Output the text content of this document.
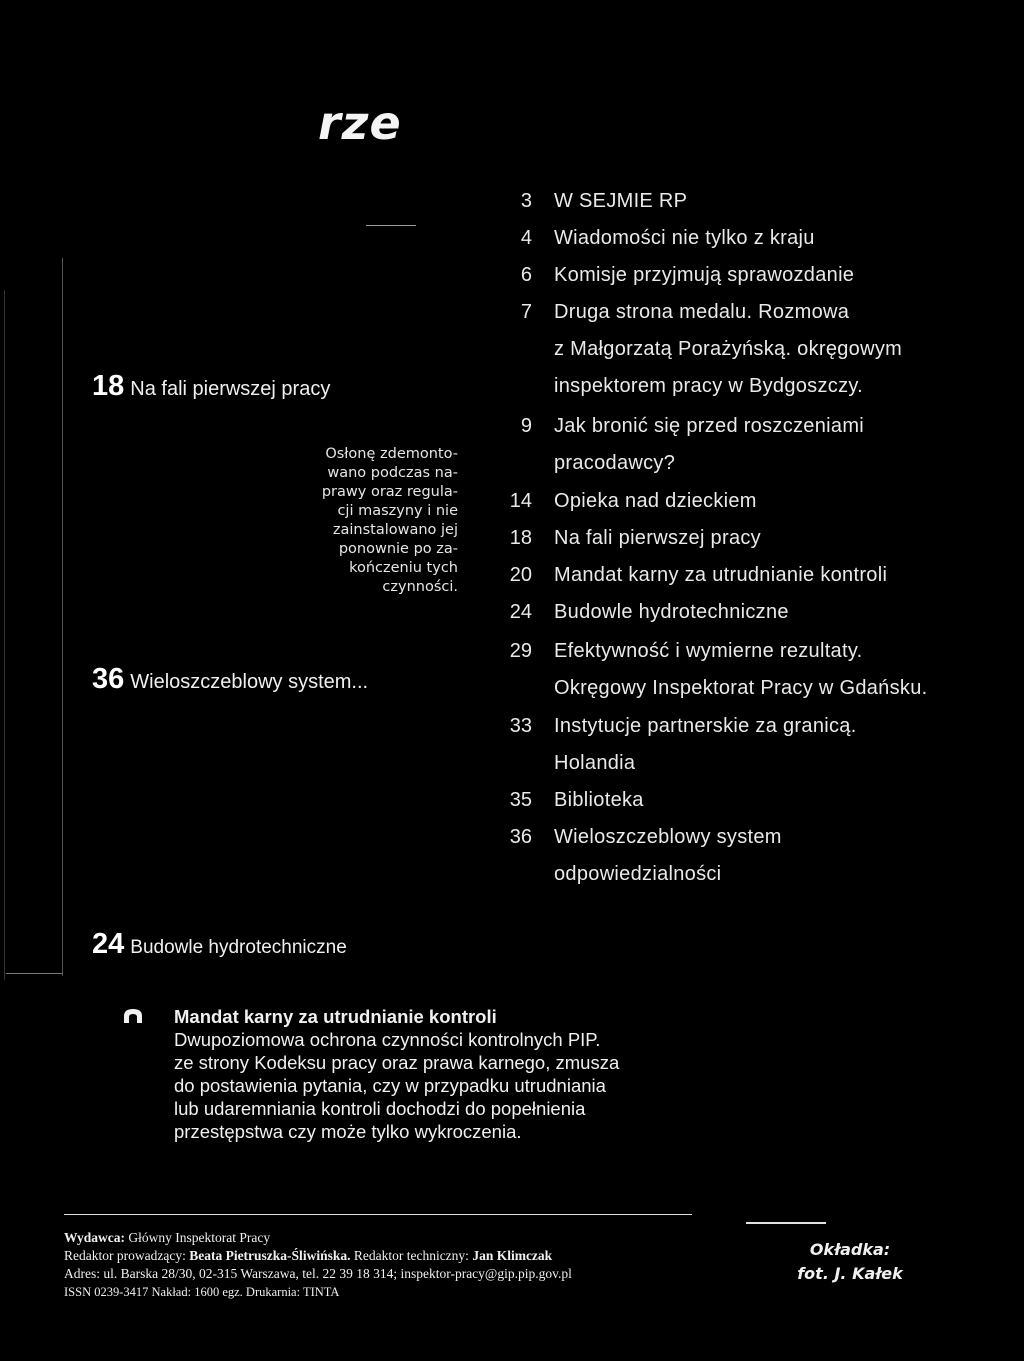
rze
18 Na fali pierwszej pracy
Osłonę zdemonto-
wano podczas na-
prawy oraz regula-
cji maszyny i nie
zainstalowano jej
ponownie po za-
kończeniu tych
czynności.
36 Wieloszczeblowy system...
24 Budowle hydrotechniczne
3 W SEJMIE RP
4 Wiadomości nie tylko z kraju
6 Komisje przyjmują sprawozdanie
7 Druga strona medalu. Rozmowa
z Małgorzatą Porażyńską. okręgowym
inspektorem pracy w Bydgoszczy.
9 Jak bronić się przed roszczeniami
pracodawcy?
14 Opieka nad dzieckiem
18 Na fali pierwszej pracy
20 Mandat karny za utrudnianie kontroli
24 Budowle hydrotechniczne
29 Efektywność i wymierne rezultaty.
Okręgowy Inspektorat Pracy w Gdańsku.
33 Instytucje partnerskie za granicą.
Holandia
35 Biblioteka
36 Wieloszczeblowy system
odpowiedzialności
Mandat karny za utrudnianie kontroli
Dwupoziomowa ochrona czynności kontrolnych PIP.
ze strony Kodeksu pracy oraz prawa karnego, zmusza
do postawienia pytania, czy w przypadku utrudniania
lub udaremniania kontroli dochodzi do popełnienia
przestępstwa czy może tylko wykroczenia.
Wydawca: Główny Inspektorat Pracy
Redaktor prowadzący: Beata Pietruszka-Śliwińska. Redaktor techniczny: Jan Klimczak
Adres: ul. Barska 28/30, 02-315 Warszawa, tel. 22 39 18 314; inspektor-pracy@gip.pip.gov.pl
ISSN 0239-3417 Nakład: 1600 egz. Drukarnia: TINTA
Okładka:
fot. J. Kałek
